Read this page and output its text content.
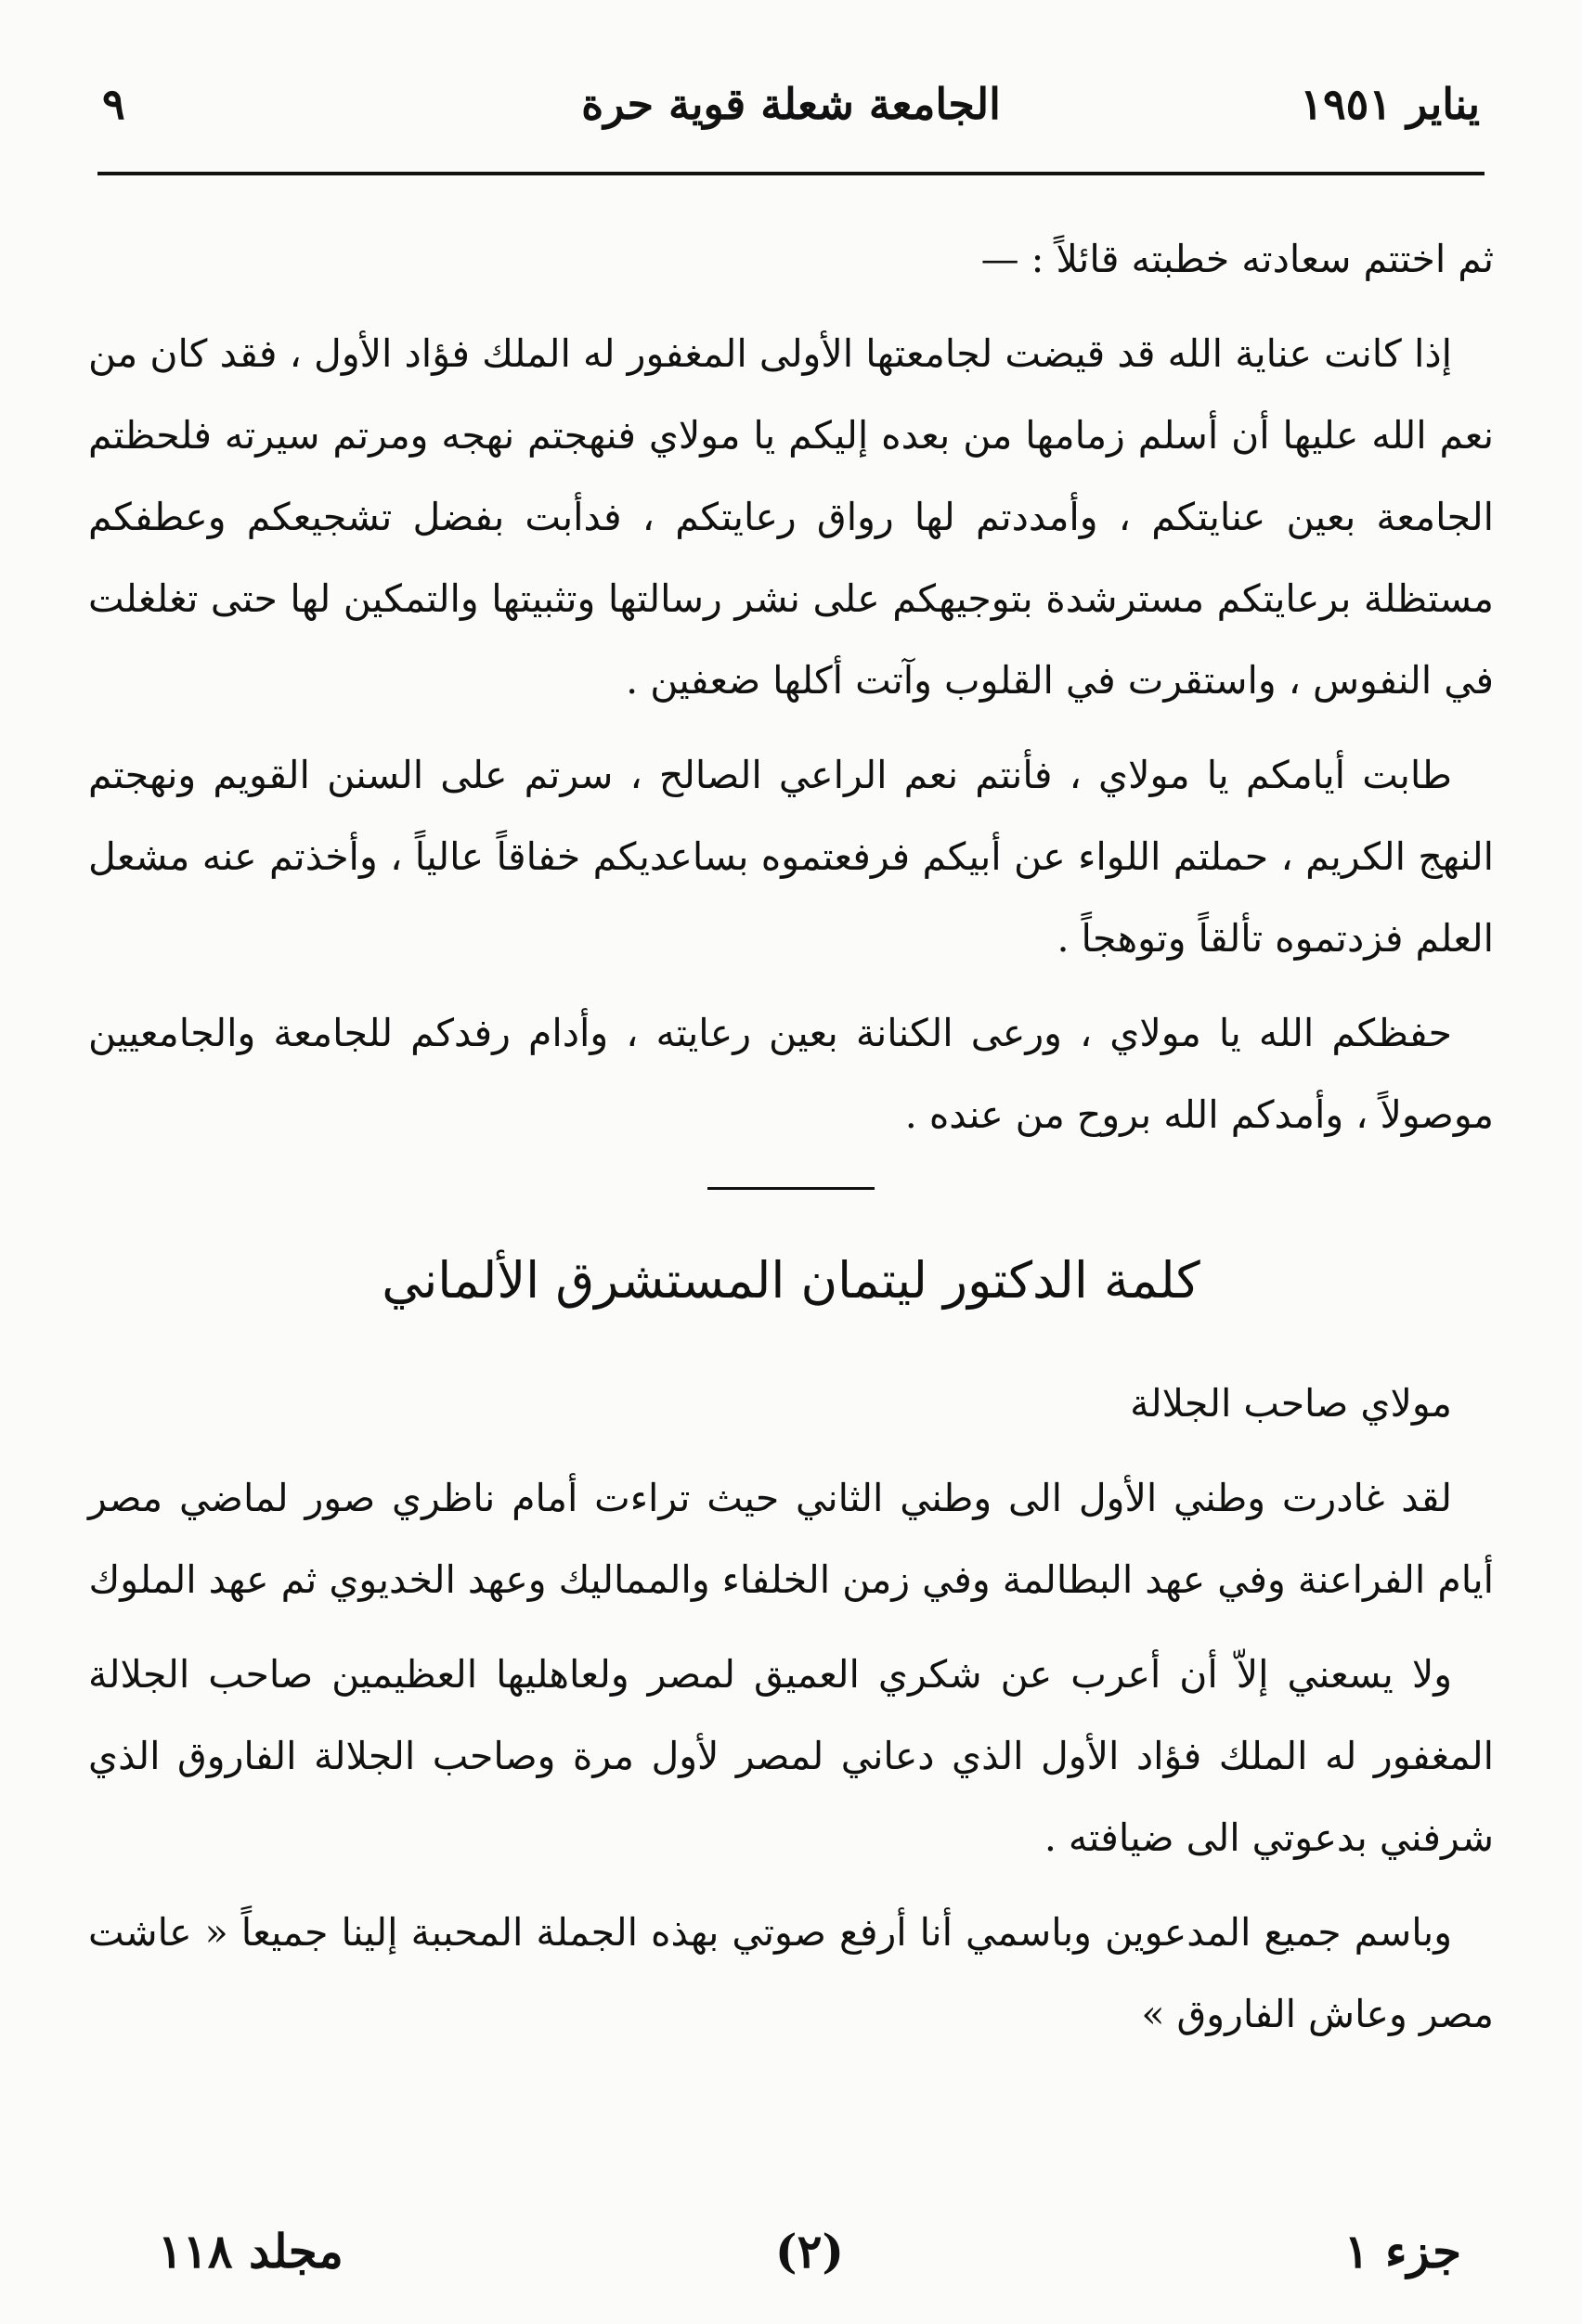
يناير ١٩٥١
الجامعة شعلة قوية حرة
٩

ثم اختتم سعادته خطبته قائلاً : —

إذا كانت عناية الله قد قيضت لجامعتها الأولى المغفور له الملك فؤاد الأول ، فقد كان من نعم الله عليها أن أسلم زمامها من بعده إليكم يا مولاي فنهجتم نهجه ومرتم سيرته فلحظتم الجامعة بعين عنايتكم ، وأمددتم لها رواق رعايتكم ، فدأبت بفضل تشجيعكم وعطفكم مستظلة برعايتكم مسترشدة بتوجيهكم على نشر رسالتها وتثبيتها والتمكين لها حتى تغلغلت في النفوس ، واستقرت في القلوب وآتت أكلها ضعفين .

طابت أيامكم يا مولاي ، فأنتم نعم الراعي الصالح ، سرتم على السنن القويم ونهجتم النهج الكريم ، حملتم اللواء عن أبيكم فرفعتموه بساعديكم خفاقاً عالياً ، وأخذتم عنه مشعل العلم فزدتموه تألقاً وتوهجاً .

حفظكم الله يا مولاي ، ورعى الكنانة بعين رعايته ، وأدام رفدكم للجامعة والجامعيين موصولاً ، وأمدكم الله بروح من عنده .

كلمة الدكتور ليتمان المستشرق الألماني

مولاي صاحب الجلالة

لقد غادرت وطني الأول الى وطني الثاني حيث تراءت أمام ناظري صور لماضي مصر أيام الفراعنة وفي عهد البطالمة وفي زمن الخلفاء والمماليك وعهد الخديوي ثم عهد الملوك

ولا يسعني إلاّ أن أعرب عن شكري العميق لمصر ولعاهليها العظيمين صاحب الجلالة المغفور له الملك فؤاد الأول الذي دعاني لمصر لأول مرة وصاحب الجلالة الفاروق الذي شرفني بدعوتي الى ضيافته .

وباسم جميع المدعوين وباسمي أنا أرفع صوتي بهذه الجملة المحببة إلينا جميعاً « عاشت مصر وعاش الفاروق »

جزء ١
(٢)
مجلد ١١٨
